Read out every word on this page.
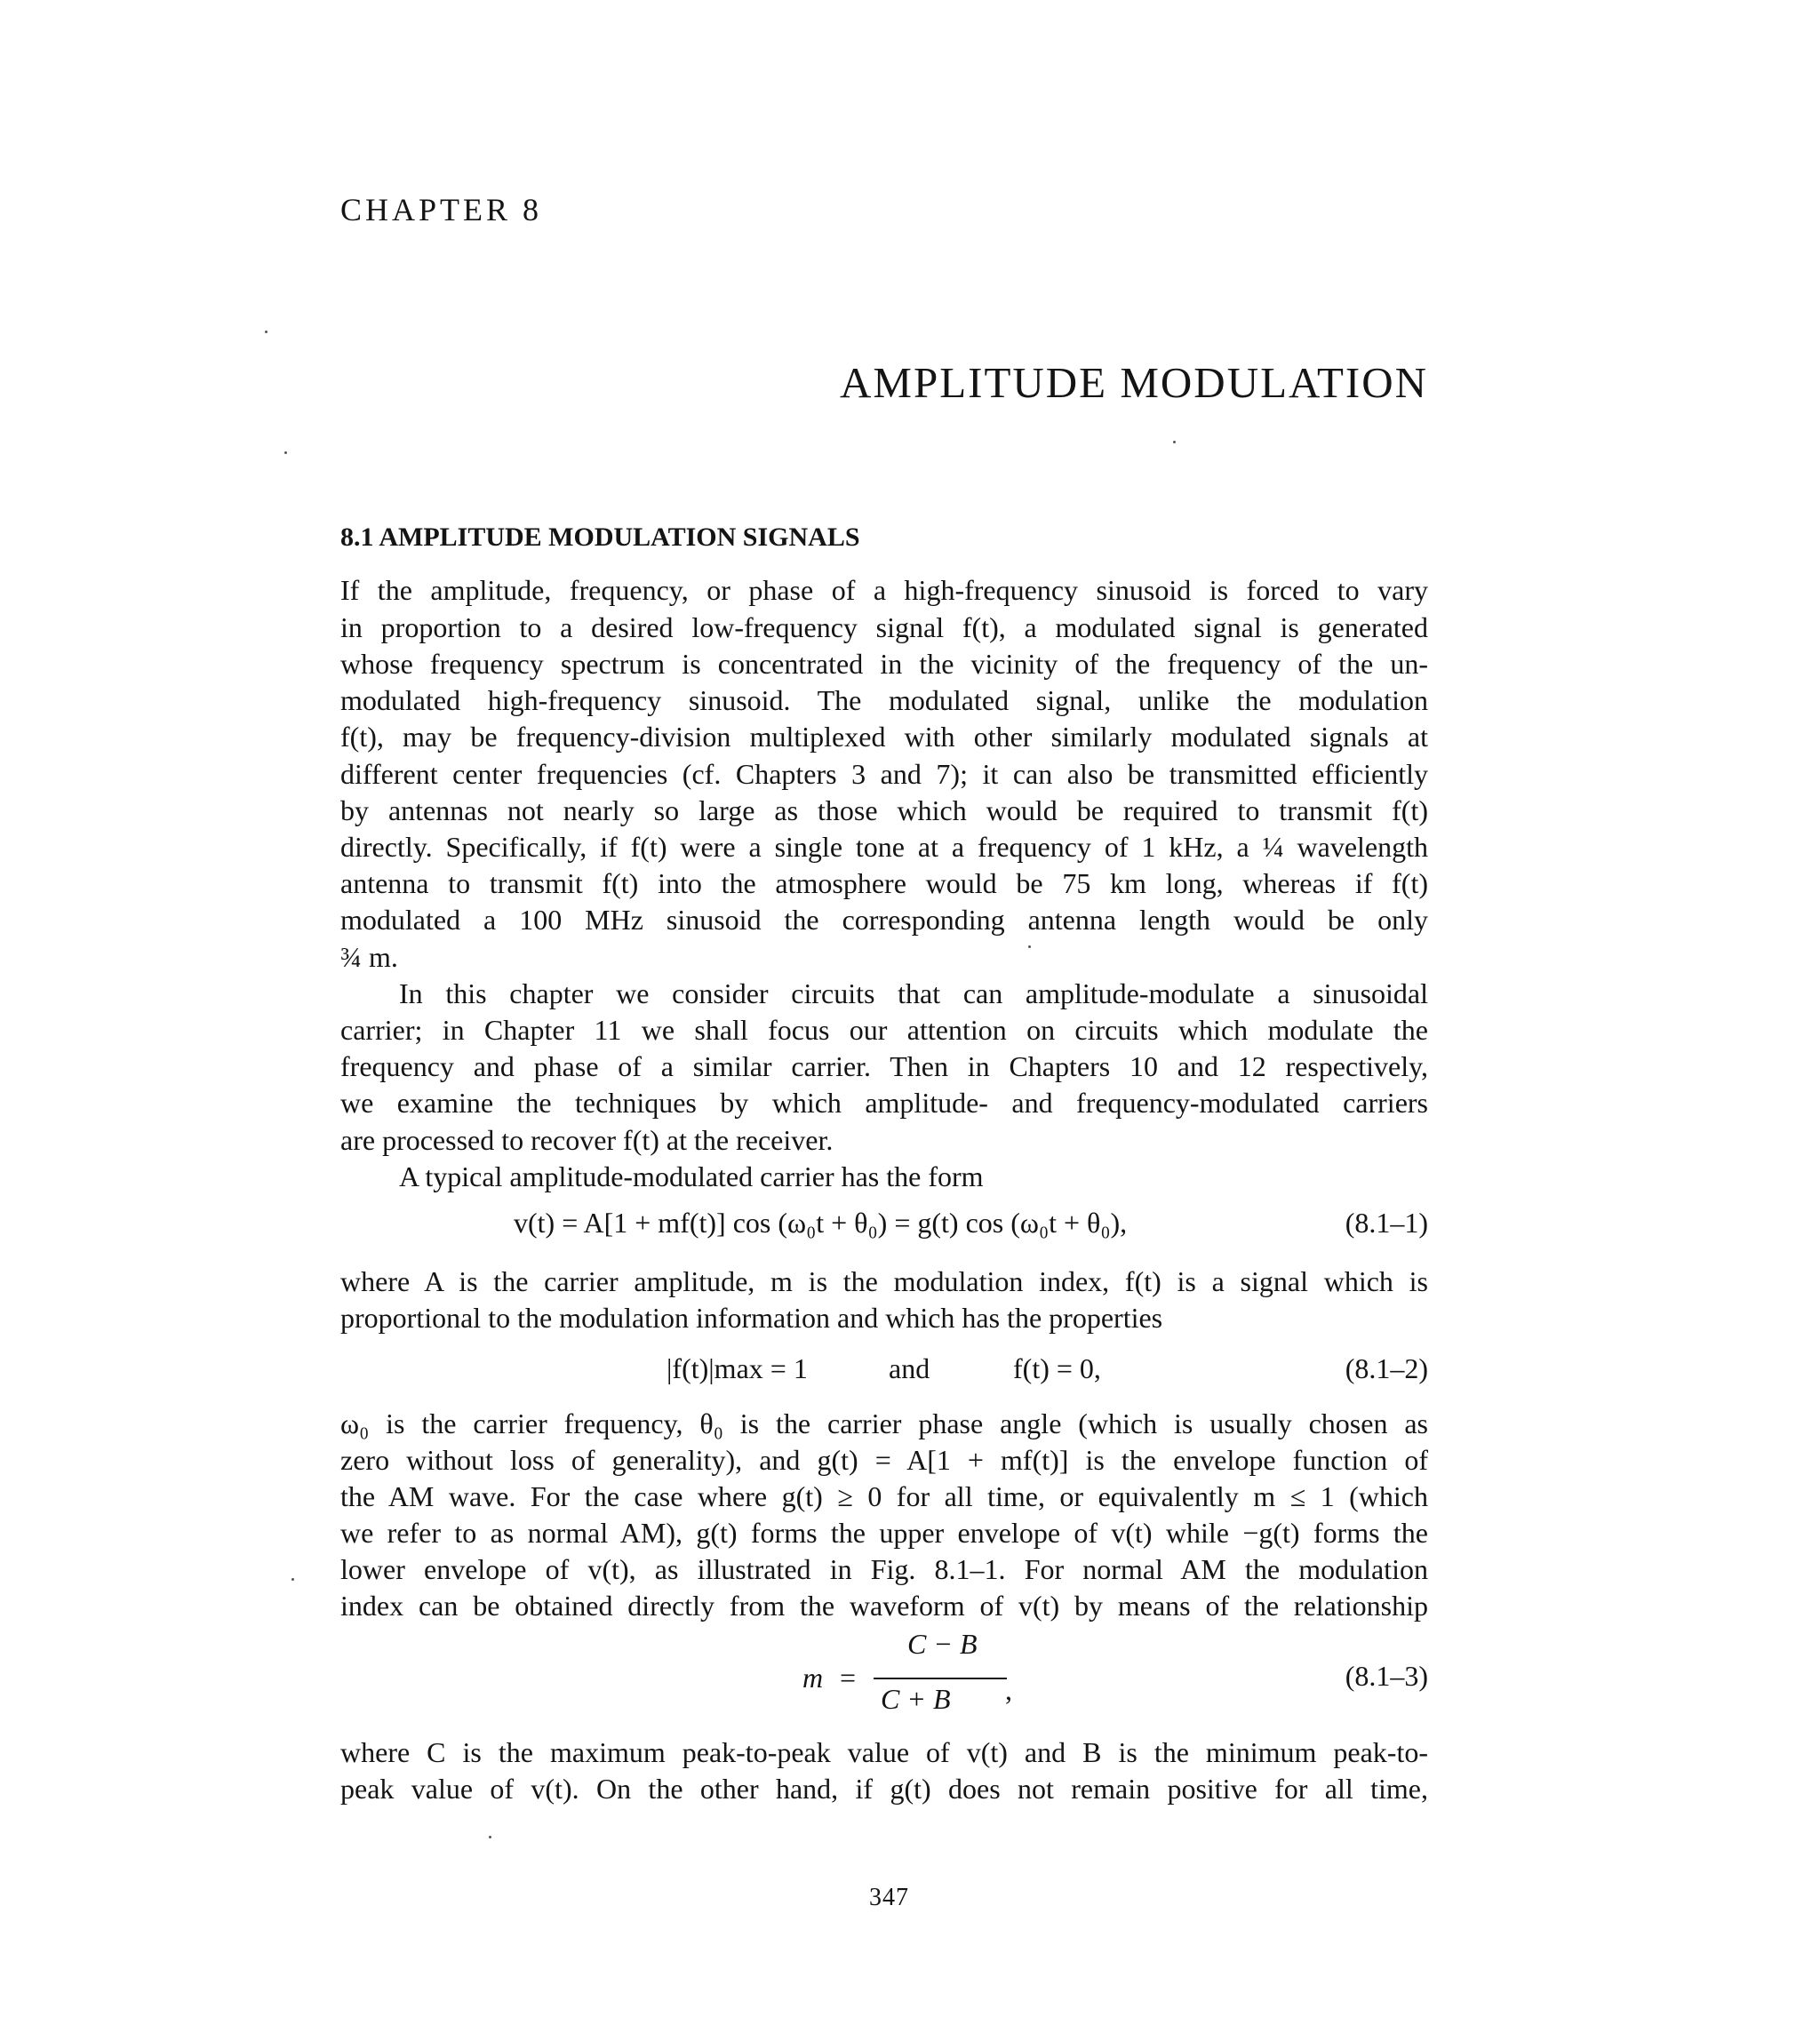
CHAPTER 8
AMPLITUDE MODULATION
8.1 AMPLITUDE MODULATION SIGNALS
If the amplitude, frequency, or phase of a high-frequency sinusoid is forced to vary
in proportion to a desired low-frequency signal f(t), a modulated signal is generated
whose frequency spectrum is concentrated in the vicinity of the frequency of the un-
modulated high-frequency sinusoid. The modulated signal, unlike the modulation
f(t), may be frequency-division multiplexed with other similarly modulated signals at
different center frequencies (cf. Chapters 3 and 7); it can also be transmitted efficiently
by antennas not nearly so large as those which would be required to transmit f(t)
directly. Specifically, if f(t) were a single tone at a frequency of 1 kHz, a ¼ wavelength
antenna to transmit f(t) into the atmosphere would be 75 km long, whereas if f(t)
modulated a 100 MHz sinusoid the corresponding antenna length would be only
¾ m.
In this chapter we consider circuits that can amplitude-modulate a sinusoidal
carrier; in Chapter 11 we shall focus our attention on circuits which modulate the
frequency and phase of a similar carrier. Then in Chapters 10 and 12 respectively,
we examine the techniques by which amplitude- and frequency-modulated carriers
are processed to recover f(t) at the receiver.
A typical amplitude-modulated carrier has the form
v(t) = A[1 + mf(t)] cos (ω₀t + θ₀) = g(t) cos (ω₀t + θ₀),	(8.1–1)
where A is the carrier amplitude, m is the modulation index, f(t) is a signal which is
proportional to the modulation information and which has the properties
|f(t)|max = 1	and	f(t) = 0,	(8.1–2)
ω₀ is the carrier frequency, θ₀ is the carrier phase angle (which is usually chosen as
zero without loss of generality), and g(t) = A[1 + mf(t)] is the envelope function of
the AM wave. For the case where g(t) ≥ 0 for all time, or equivalently m ≤ 1 (which
we refer to as normal AM), g(t) forms the upper envelope of v(t) while −g(t) forms the
lower envelope of v(t), as illustrated in Fig. 8.1–1. For normal AM the modulation
index can be obtained directly from the waveform of v(t) by means of the relationship
m =
C − B
C + B ,	(8.1–3)
where C is the maximum peak-to-peak value of v(t) and B is the minimum peak-to-
peak value of v(t). On the other hand, if g(t) does not remain positive for all time,
347
